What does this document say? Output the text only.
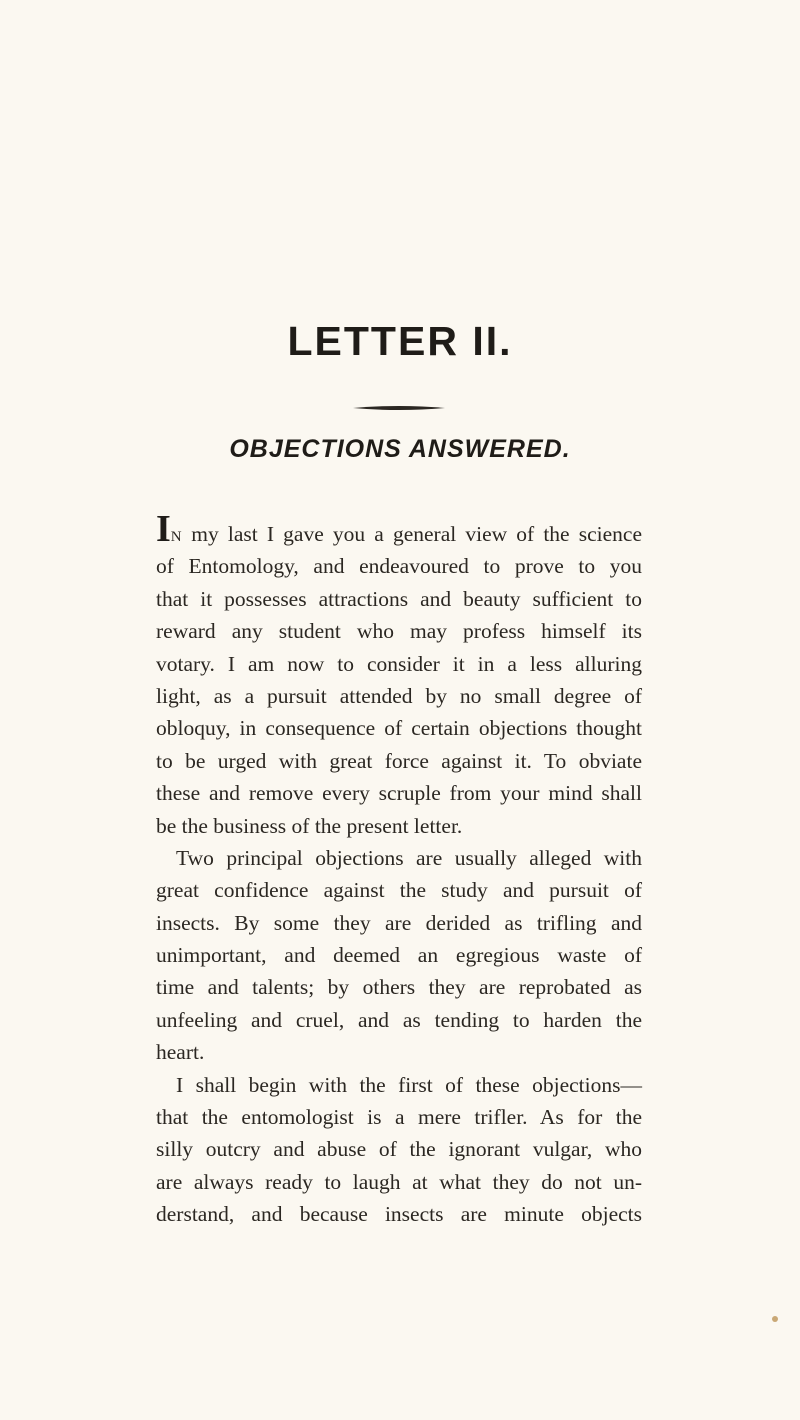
LETTER II.
OBJECTIONS ANSWERED.
IN my last I gave you a general view of the science
of Entomology, and endeavoured to prove to you
that it possesses attractions and beauty sufficient to
reward any student who may profess himself its
votary. I am now to consider it in a less alluring
light, as a pursuit attended by no small degree of
obloquy, in consequence of certain objections thought
to be urged with great force against it. To obviate
these and remove every scruple from your mind shall
be the business of the present letter.
Two principal objections are usually alleged with
great confidence against the study and pursuit of
insects. By some they are derided as trifling and
unimportant, and deemed an egregious waste of
time and talents; by others they are reprobated as
unfeeling and cruel, and as tending to harden the
heart.
I shall begin with the first of these objections—
that the entomologist is a mere trifler. As for the
silly outcry and abuse of the ignorant vulgar, who
are always ready to laugh at what they do not un-
derstand, and because insects are minute objects
